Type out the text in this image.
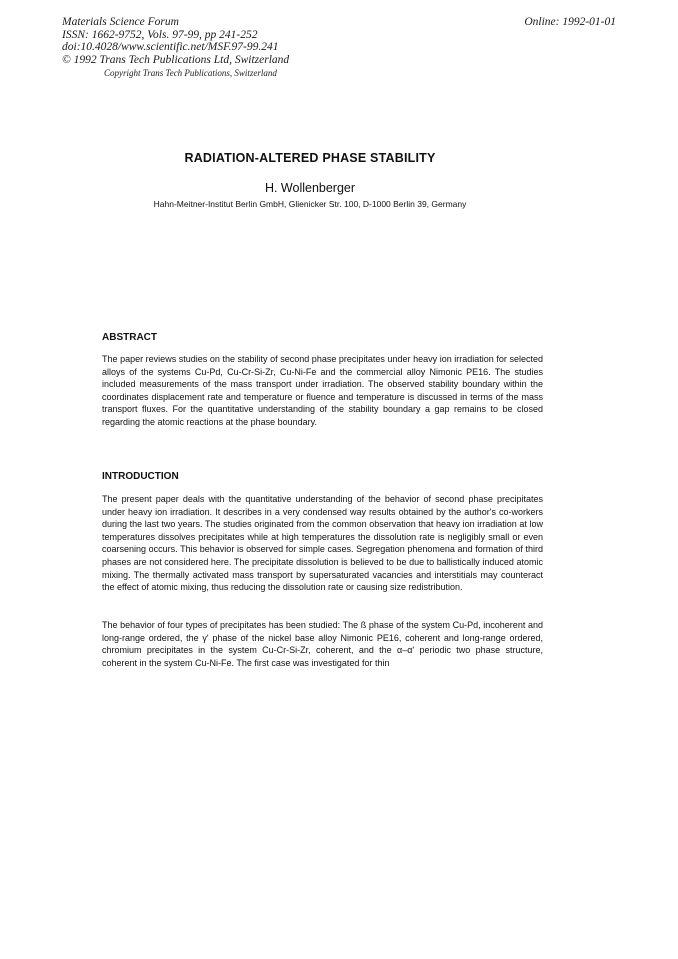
Materials Science Forum
ISSN: 1662-9752, Vols. 97-99, pp 241-252
doi:10.4028/www.scientific.net/MSF.97-99.241
© 1992 Trans Tech Publications Ltd, Switzerland
Online: 1992-01-01
Copyright Trans Tech Publications, Switzerland
RADIATION-ALTERED PHASE STABILITY
H. Wollenberger
Hahn-Meitner-Institut Berlin GmbH, Glienicker Str. 100, D-1000 Berlin 39, Germany
ABSTRACT
The paper reviews studies on the stability of second phase precipitates under heavy ion irradiation for selected alloys of the systems Cu-Pd, Cu-Cr-Si-Zr, Cu-Ni-Fe and the commercial alloy Nimonic PE16. The studies included measurements of the mass transport under irradiation. The observed stability boundary within the coordinates displacement rate and temperature or fluence and temperature is discussed in terms of the mass transport fluxes. For the quantitative understanding of the stability boundary a gap remains to be closed regarding the atomic reactions at the phase boundary.
INTRODUCTION
The present paper deals with the quantitative understanding of the behavior of second phase precipitates under heavy ion irradiation. It describes in a very condensed way results obtained by the author's co-workers during the last two years. The studies originated from the common observation that heavy ion irradiation at low temperatures dissolves precipitates while at high temperatures the dissolution rate is negligibly small or even coarsening occurs. This behavior is observed for simple cases. Segregation phenomena and formation of third phases are not considered here. The precipitate dissolution is believed to be due to ballistically induced atomic mixing. The thermally activated mass transport by supersaturated vacancies and interstitials may counteract the effect of atomic mixing, thus reducing the dissolution rate or causing size redistribution.
The behavior of four types of precipitates has been studied: The ß phase of the system Cu-Pd, incoherent and long-range ordered, the γ' phase of the nickel base alloy Nimonic PE16, coherent and long-range ordered, chromium precipitates in the system Cu-Cr-Si-Zr, coherent, and the α–α' periodic two phase structure, coherent in the system Cu-Ni-Fe. The first case was investigated for thin
